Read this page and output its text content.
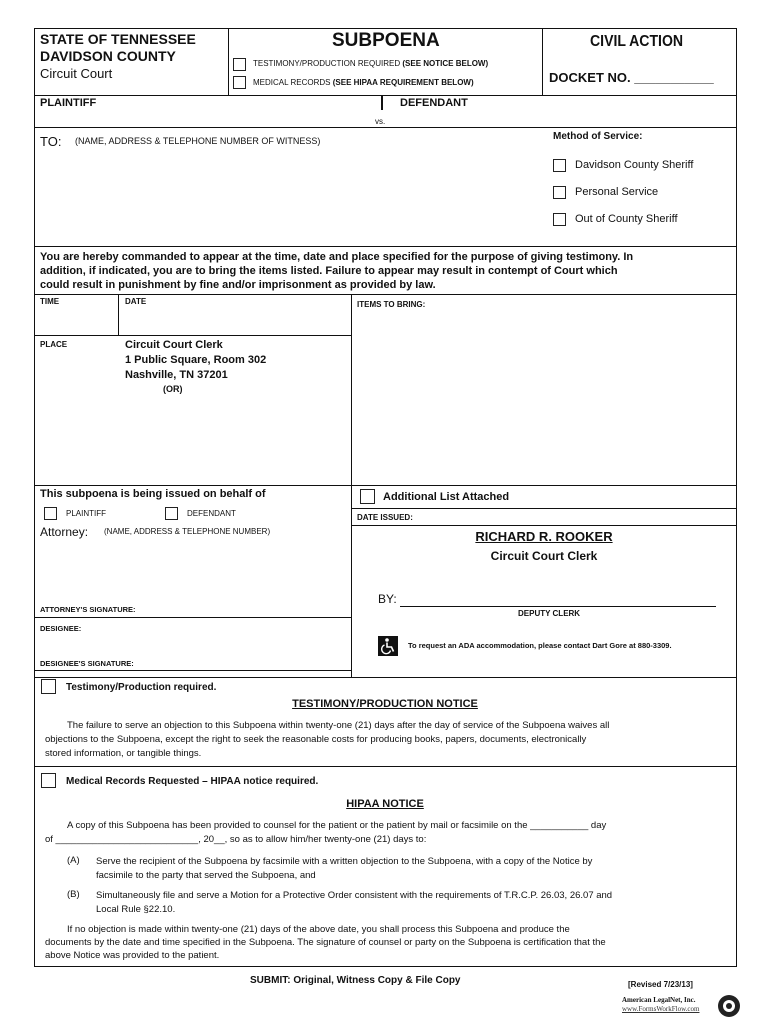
STATE OF TENNESSEE
DAVIDSON COUNTY
Circuit Court
SUBPOENA
TESTIMONY/PRODUCTION REQUIRED (SEE NOTICE BELOW)
MEDICAL RECORDS (SEE HIPAA REQUIREMENT BELOW)
CIVIL ACTION
DOCKET NO. ___________
PLAINTIFF	DEFENDANT
vs.
TO: (NAME, ADDRESS & TELEPHONE NUMBER OF WITNESS)	Method of Service:
Davidson County Sheriff
Personal Service
Out of County Sheriff
You are hereby commanded to appear at the time, date and place specified for the purpose of giving testimony. In
addition, if indicated, you are to bring the items listed. Failure to appear may result in contempt of Court which
could result in punishment by fine and/or imprisonment as provided by law.
TIME	DATE	ITEMS TO BRING:
PLACE	Circuit Court Clerk
1 Public Square, Room 302
Nashville, TN 37201
(OR)
This subpoena is being issued on behalf of
PLAINTIFF	DEFENDANT
Attorney: (NAME, ADDRESS & TELEPHONE NUMBER)
ATTORNEY'S SIGNATURE:
DESIGNEE:
DESIGNEE'S SIGNATURE:
Additional List Attached
DATE ISSUED:
RICHARD R. ROOKER
Circuit Court Clerk
BY:
DEPUTY CLERK
To request an ADA accommodation, please contact Dart Gore at 880-3309.
Testimony/Production required.
TESTIMONY/PRODUCTION NOTICE
The failure to serve an objection to this Subpoena within twenty-one (21) days after the day of service of the Subpoena waives all
objections to the Subpoena, except the right to seek the reasonable costs for producing books, papers, documents, electronically
stored information, or tangible things.
Medical Records Requested – HIPAA notice required.
HIPAA NOTICE
A copy of this Subpoena has been provided to counsel for the patient or the patient by mail or facsimile on the ___________ day
of ___________________________, 20__, so as to allow him/her twenty-one (21) days to:
(A) Serve the recipient of the Subpoena by facsimile with a written objection to the Subpoena, with a copy of the Notice by
facsimile to the party that served the Subpoena, and
(B) Simultaneously file and serve a Motion for a Protective Order consistent with the requirements of T.R.C.P. 26.03, 26.07 and
Local Rule §22.10.
If no objection is made within twenty-one (21) days of the above date, you shall process this Subpoena and produce the
documents by the date and time specified in the Subpoena. The signature of counsel or party on the Subpoena is certification that the
above Notice was provided to the patient.
SUBMIT: Original, Witness Copy & File Copy	[Revised 7/23/13]
American LegalNet, Inc.
www.FormsWorkFlow.com
